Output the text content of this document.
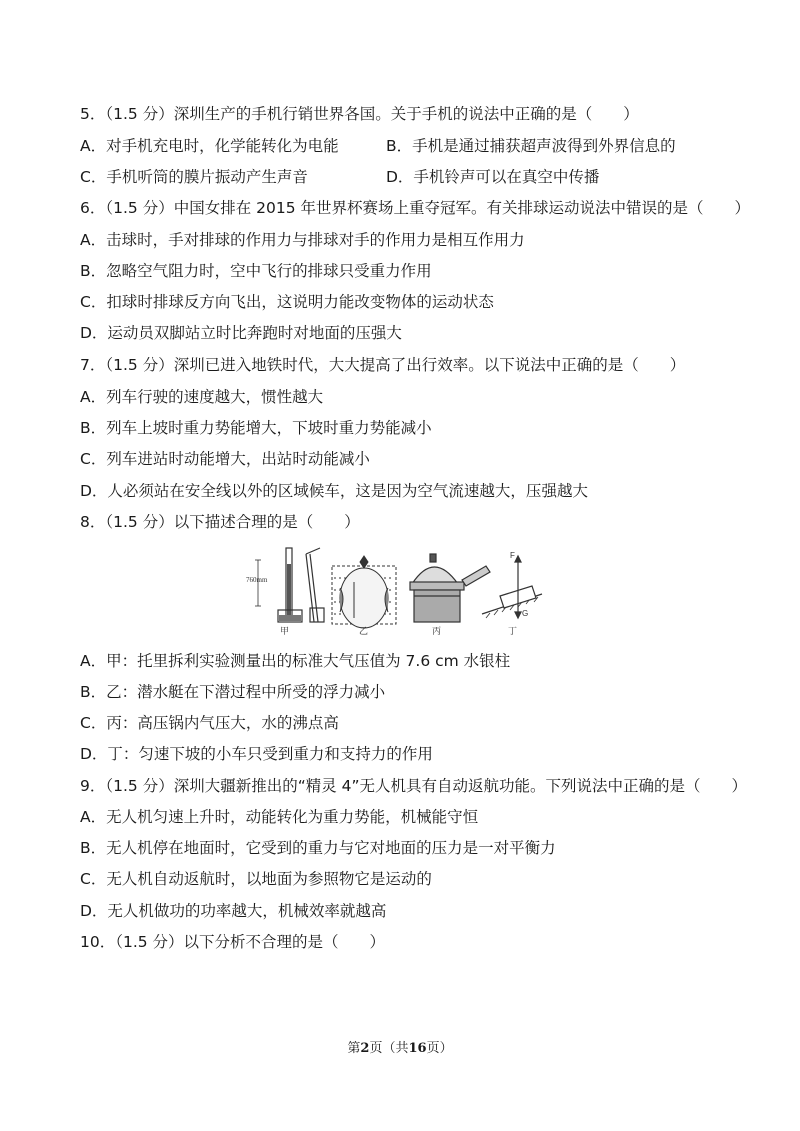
5．（1.5 分）深圳生产的手机行销世界各国。关于手机的说法中正确的是（　　）
A．对手机充电时，化学能转化为电能	B．手机是通过捕获超声波得到外界信息的
C．手机听筒的膜片振动产生声音	D．手机铃声可以在真空中传播
6．（1.5 分）中国女排在 2015 年世界杯赛场上重夺冠军。有关排球运动说法中错误的是（　　）
A．击球时，手对排球的作用力与排球对手的作用力是相互作用力
B．忽略空气阻力时，空中飞行的排球只受重力作用
C．扣球时排球反方向飞出，这说明力能改变物体的运动状态
D．运动员双脚站立时比奔跑时对地面的压强大
7．（1.5 分）深圳已进入地铁时代，大大提高了出行效率。以下说法中正确的是（　　）
A．列车行驶的速度越大，惯性越大
B．列车上坡时重力势能增大，下坡时重力势能减小
C．列车进站时动能增大，出站时动能减小
D．人必须站在安全线以外的区域候车，这是因为空气流速越大，压强越大
8．（1.5 分）以下描述合理的是（　　）
760mm
甲	乙	丙
F
G
丁
A．甲：托里拆利实验测量出的标准大气压值为 7.6 cm 水银柱
B．乙：潜水艇在下潜过程中所受的浮力减小
C．丙：高压锅内气压大，水的沸点高
D．丁：匀速下坡的小车只受到重力和支持力的作用
9．（1.5 分）深圳大疆新推出的“精灵 4”无人机具有自动返航功能。下列说法中正确的是（　　）
A．无人机匀速上升时，动能转化为重力势能，机械能守恒
B．无人机停在地面时，它受到的重力与它对地面的压力是一对平衡力
C．无人机自动返航时，以地面为参照物它是运动的
D．无人机做功的功率越大，机械效率就越高
10．（1.5 分）以下分析不合理的是（　　）
第2页（共16页）
